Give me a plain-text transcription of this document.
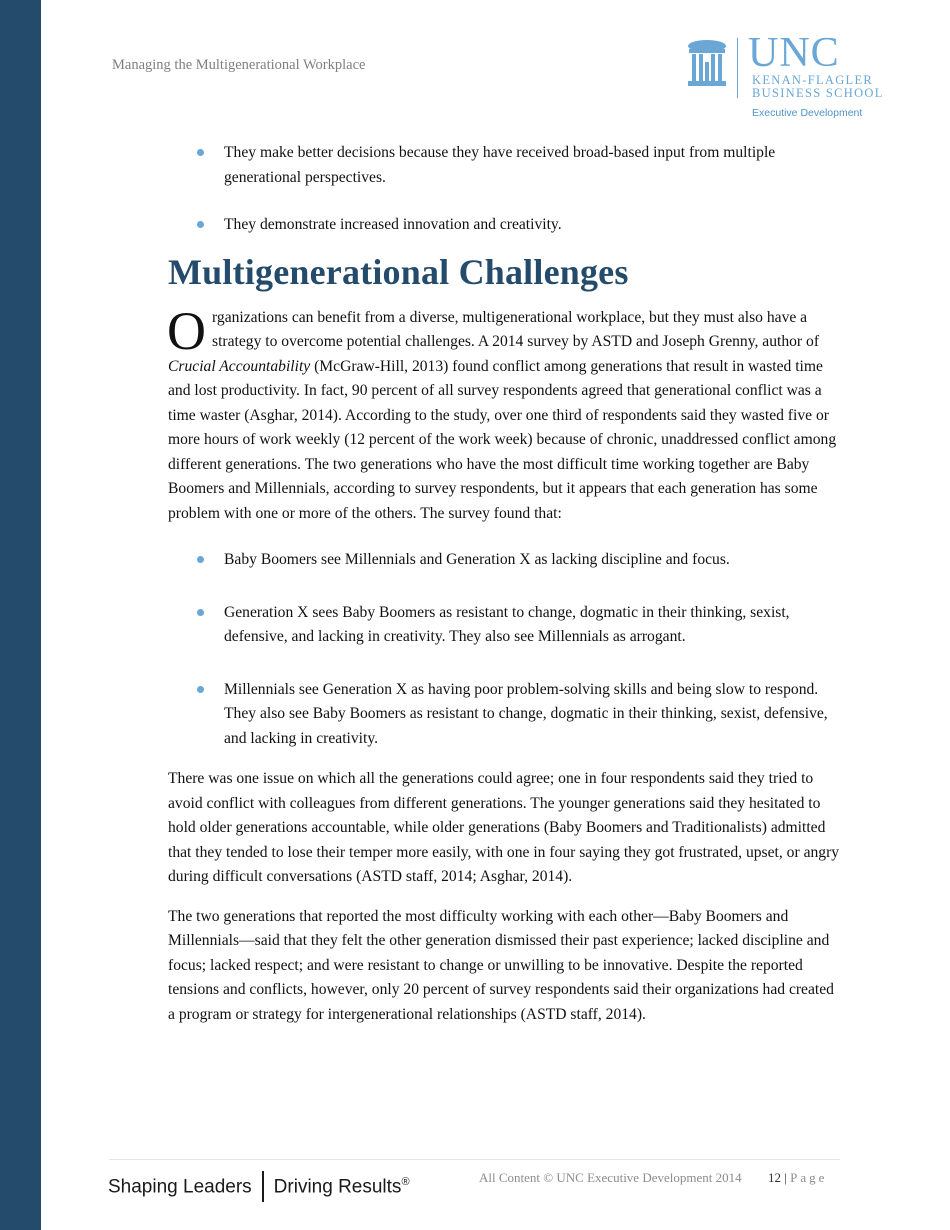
Managing the Multigenerational Workplace	UNC
KENAN-FLAGLER
BUSINESS SCHOOL
Executive Development
They make better decisions because they have received broad-based input from multiple generational perspectives.
They demonstrate increased innovation and creativity.
Multigenerational Challenges

Organizations can benefit from a diverse, multigenerational workplace, but they must also have a strategy to overcome potential challenges. A 2014 survey by ASTD and Joseph Grenny, author of Crucial Accountability (McGraw-Hill, 2013) found conflict among generations that result in wasted time and lost productivity. In fact, 90 percent of all survey respondents agreed that generational conflict was a time waster (Asghar, 2014). According to the study, over one third of respondents said they wasted five or more hours of work weekly (12 percent of the work week) because of chronic, unaddressed conflict among different generations. The two generations who have the most difficult time working together are Baby Boomers and Millennials, according to survey respondents, but it appears that each generation has some problem with one or more of the others. The survey found that:

Baby Boomers see Millennials and Generation X as lacking discipline and focus.
Generation X sees Baby Boomers as resistant to change, dogmatic in their thinking, sexist, defensive, and lacking in creativity. They also see Millennials as arrogant.
Millennials see Generation X as having poor problem-solving skills and being slow to respond. They also see Baby Boomers as resistant to change, dogmatic in their thinking, sexist, defensive, and lacking in creativity.

There was one issue on which all the generations could agree; one in four respondents said they tried to avoid conflict with colleagues from different generations. The younger generations said they hesitated to hold older generations accountable, while older generations (Baby Boomers and Traditionalists) admitted that they tended to lose their temper more easily, with one in four saying they got frustrated, upset, or angry during difficult conversations (ASTD staff, 2014; Asghar, 2014).

The two generations that reported the most difficulty working with each other—Baby Boomers and Millennials—said that they felt the other generation dismissed their past experience; lacked discipline and focus; lacked respect; and were resistant to change or unwilling to be innovative. Despite the reported tensions and conflicts, however, only 20 percent of survey respondents said their organizations had created a program or strategy for intergenerational relationships (ASTD staff, 2014).

Shaping Leaders Driving Results®	All Content © UNC Executive Development 2014 12 | Page
